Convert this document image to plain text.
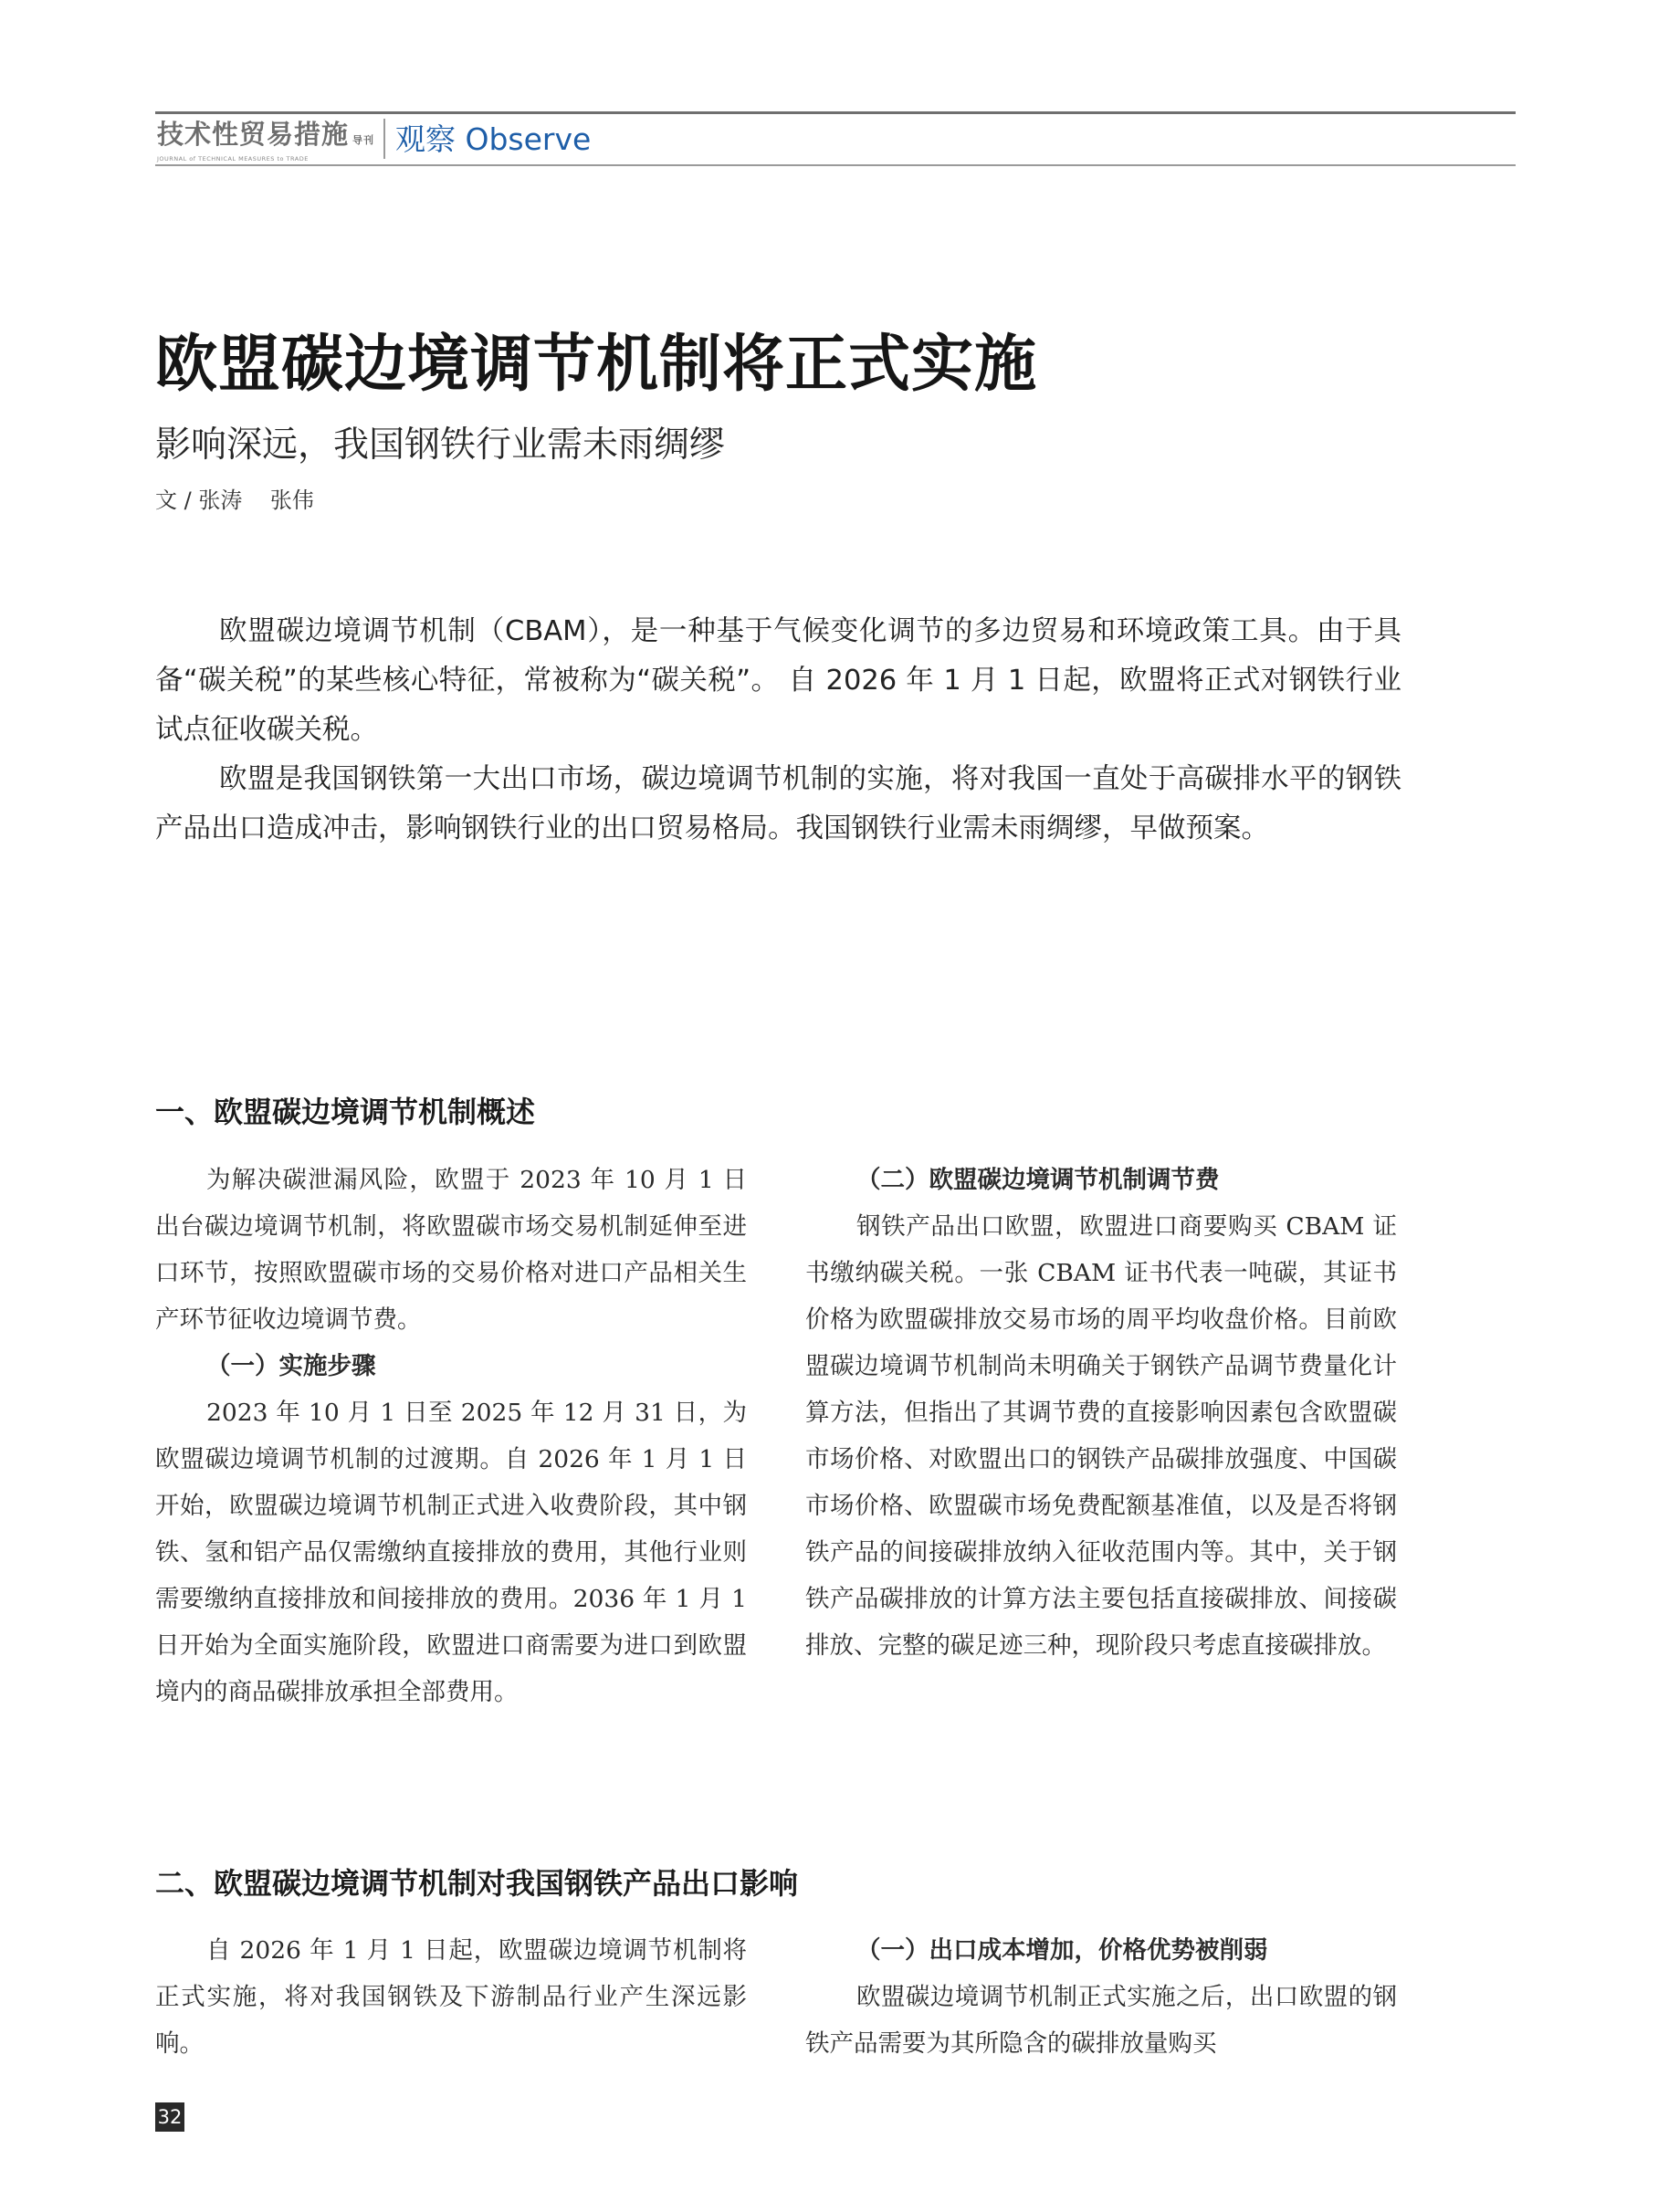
技术性贸易措施 导刊
JOURNAL of TECHNICAL MEASURES to TRADE
观察 Observe
欧盟碳边境调节机制将正式实施
影响深远，我国钢铁行业需未雨绸缪
文 / 张涛    张伟

欧盟碳边境调节机制（CBAM），是一种基于气候变化调节的多边贸易和环境政策工具。由于具备“碳关税”的某些核心特征，常被称为“碳关税”。 自 2026 年 1 月 1 日起，欧盟将正式对钢铁行业试点征收碳关税。

欧盟是我国钢铁第一大出口市场，碳边境调节机制的实施，将对我国一直处于高碳排水平的钢铁产品出口造成冲击，影响钢铁行业的出口贸易格局。我国钢铁行业需未雨绸缪，早做预案。

一、欧盟碳边境调节机制概述

为解决碳泄漏风险，欧盟于 2023 年 10 月 1 日出台碳边境调节机制，将欧盟碳市场交易机制延伸至进口环节，按照欧盟碳市场的交易价格对进口产品相关生产环节征收边境调节费。

（一）实施步骤

2023 年 10 月 1 日至 2025 年 12 月 31 日，为欧盟碳边境调节机制的过渡期。自 2026 年 1 月 1 日开始，欧盟碳边境调节机制正式进入收费阶段，其中钢铁、氢和铝产品仅需缴纳直接排放的费用，其他行业则需要缴纳直接排放和间接排放的费用。2036 年 1 月 1 日开始为全面实施阶段，欧盟进口商需要为进口到欧盟境内的商品碳排放承担全部费用。

（二）欧盟碳边境调节机制调节费

钢铁产品出口欧盟，欧盟进口商要购买 CBAM 证书缴纳碳关税。一张 CBAM 证书代表一吨碳，其证书价格为欧盟碳排放交易市场的周平均收盘价格。目前欧盟碳边境调节机制尚未明确关于钢铁产品调节费量化计算方法，但指出了其调节费的直接影响因素包含欧盟碳市场价格、对欧盟出口的钢铁产品碳排放强度、中国碳市场价格、欧盟碳市场免费配额基准值，以及是否将钢铁产品的间接碳排放纳入征收范围内等。其中，关于钢铁产品碳排放的计算方法主要包括直接碳排放、间接碳排放、完整的碳足迹三种，现阶段只考虑直接碳排放。

二、欧盟碳边境调节机制对我国钢铁产品出口影响

自 2026 年 1 月 1 日起，欧盟碳边境调节机制将正式实施，将对我国钢铁及下游制品行业产生深远影响。

（一）出口成本增加，价格优势被削弱

欧盟碳边境调节机制正式实施之后，出口欧盟的钢铁产品需要为其所隐含的碳排放量购买

32
